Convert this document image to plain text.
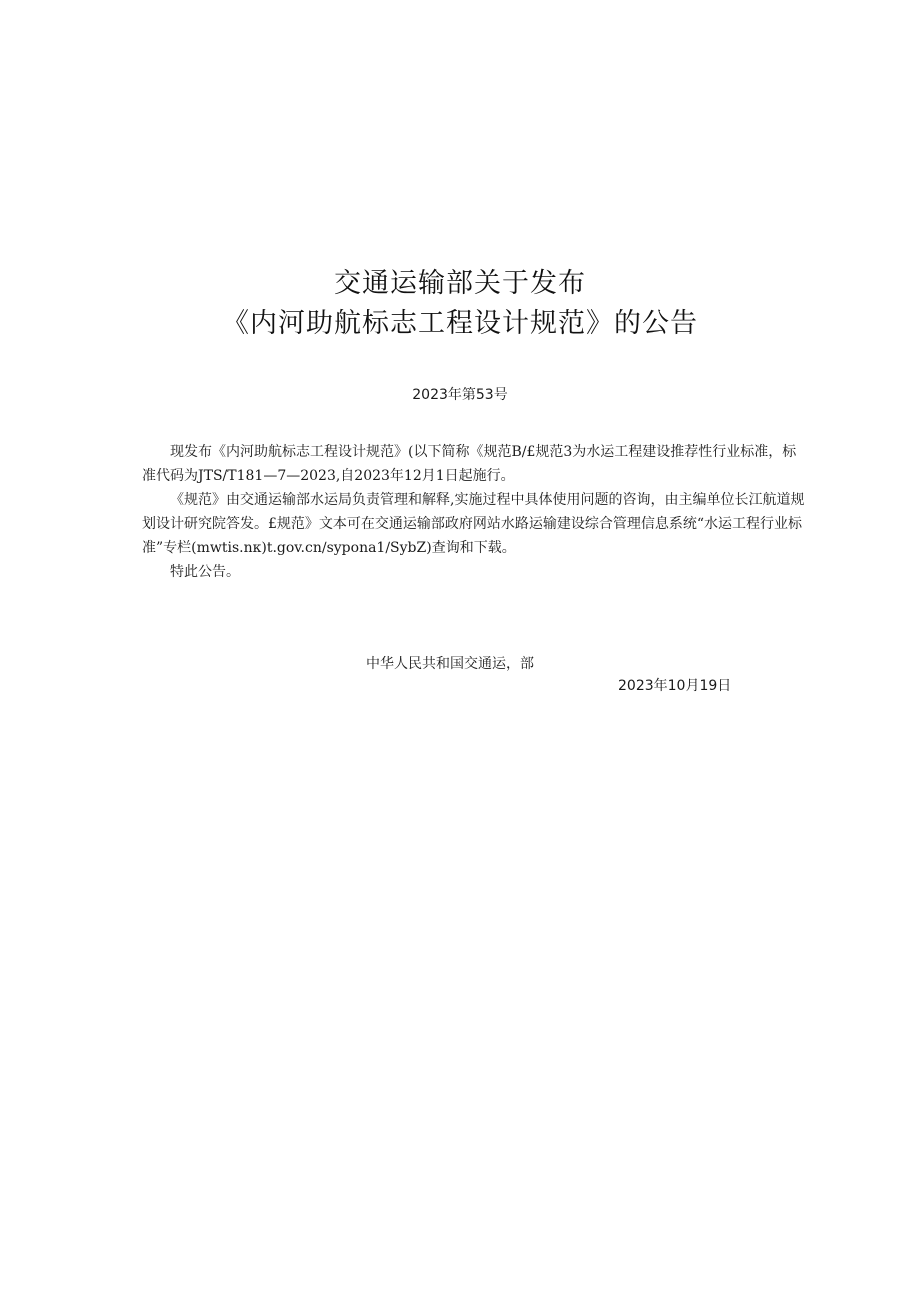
交通运输部关于发布
《内河助航标志工程设计规范》的公告
2023年第53号

现发布《内河助航标志工程设计规范》(以下简称《规范B∕£规范3为水运工程建设推荐性行业标准，标准代码为JTS/T181—7—2023,自2023年12月1日起施行。

《规范》由交通运输部水运局负责管理和解释,实施过程中具体使用问题的咨询，由主编单位长江航道规划设计研究院答发。£规范》文本可在交通运输部政府网站水路运输建设综合管理信息系统“水运工程行业标准”专栏(mwtis.nк)t.gov.cn∕sypona1∕SybZ)查询和下载。

特此公告。

中华人民共和国交通运，部
2023年10月19日
